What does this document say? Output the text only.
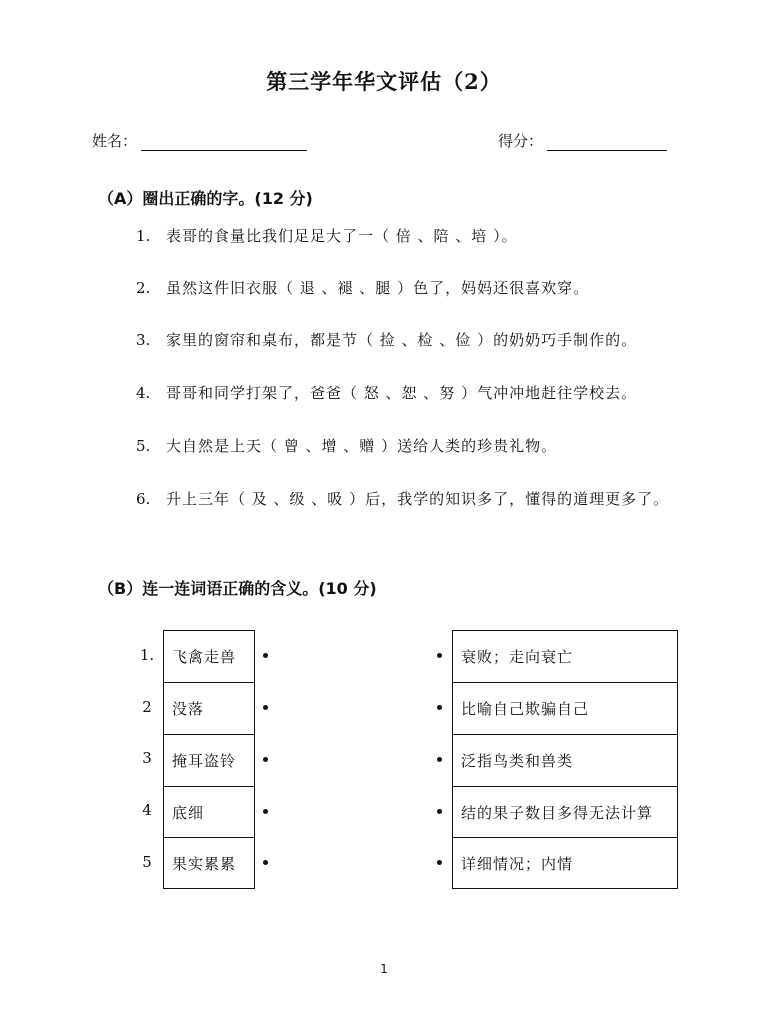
第三学年华文评估（2）
姓名：	得分：
（A）圈出正确的字。(12 分)
1. 表哥的食量比我们足足大了一（ 倍 、陪 、培 ）。
2. 虽然这件旧衣服（ 退 、褪 、腿 ）色了，妈妈还很喜欢穿。
3. 家里的窗帘和桌布，都是节（ 捡 、检 、俭 ）的奶奶巧手制作的。
4. 哥哥和同学打架了，爸爸（ 怒 、恕 、努 ）气冲冲地赶往学校去。
5. 大自然是上天（ 曾 、增 、赠 ）送给人类的珍贵礼物。
6. 升上三年（ 及 、级 、吸 ）后，我学的知识多了，懂得的道理更多了。
（B）连一连词语正确的含义。(10 分)
1.
2
3
4
5
飞禽走兽
没落
掩耳盗铃
底细
果实累累
衰败；走向衰亡
比喻自己欺骗自己
泛指鸟类和兽类
结的果子数目多得无法计算
详细情况；内情
1
